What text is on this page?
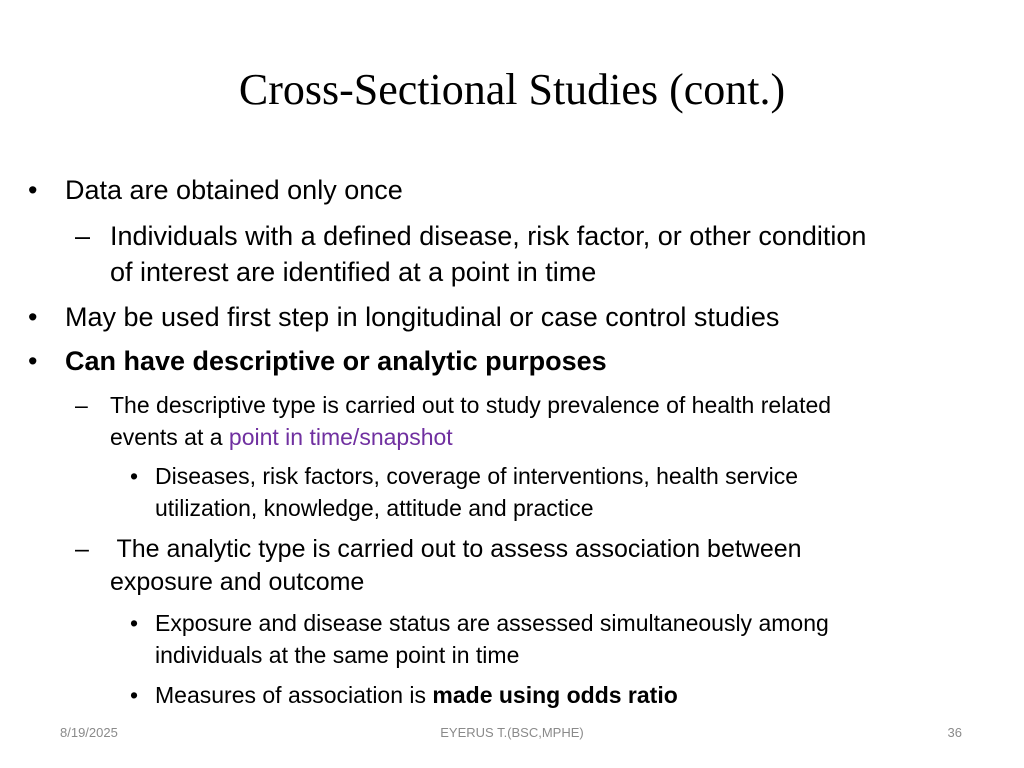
Cross-Sectional Studies (cont.)
• Data are obtained only once
– Individuals with a defined disease, risk factor, or other condition
of interest are identified at a point in time
• May be used first step in longitudinal or case control studies
• Can have descriptive or analytic purposes
– The descriptive type is carried out to study prevalence of health related
events at a point in time/snapshot
• Diseases, risk factors, coverage of interventions, health service
utilization, knowledge, attitude and practice
– The analytic type is carried out to assess association between
exposure and outcome
• Exposure and disease status are assessed simultaneously among
individuals at the same point in time
• Measures of association is made using odds ratio
8/19/2025	EYERUS T.(BSC,MPHE)	36
